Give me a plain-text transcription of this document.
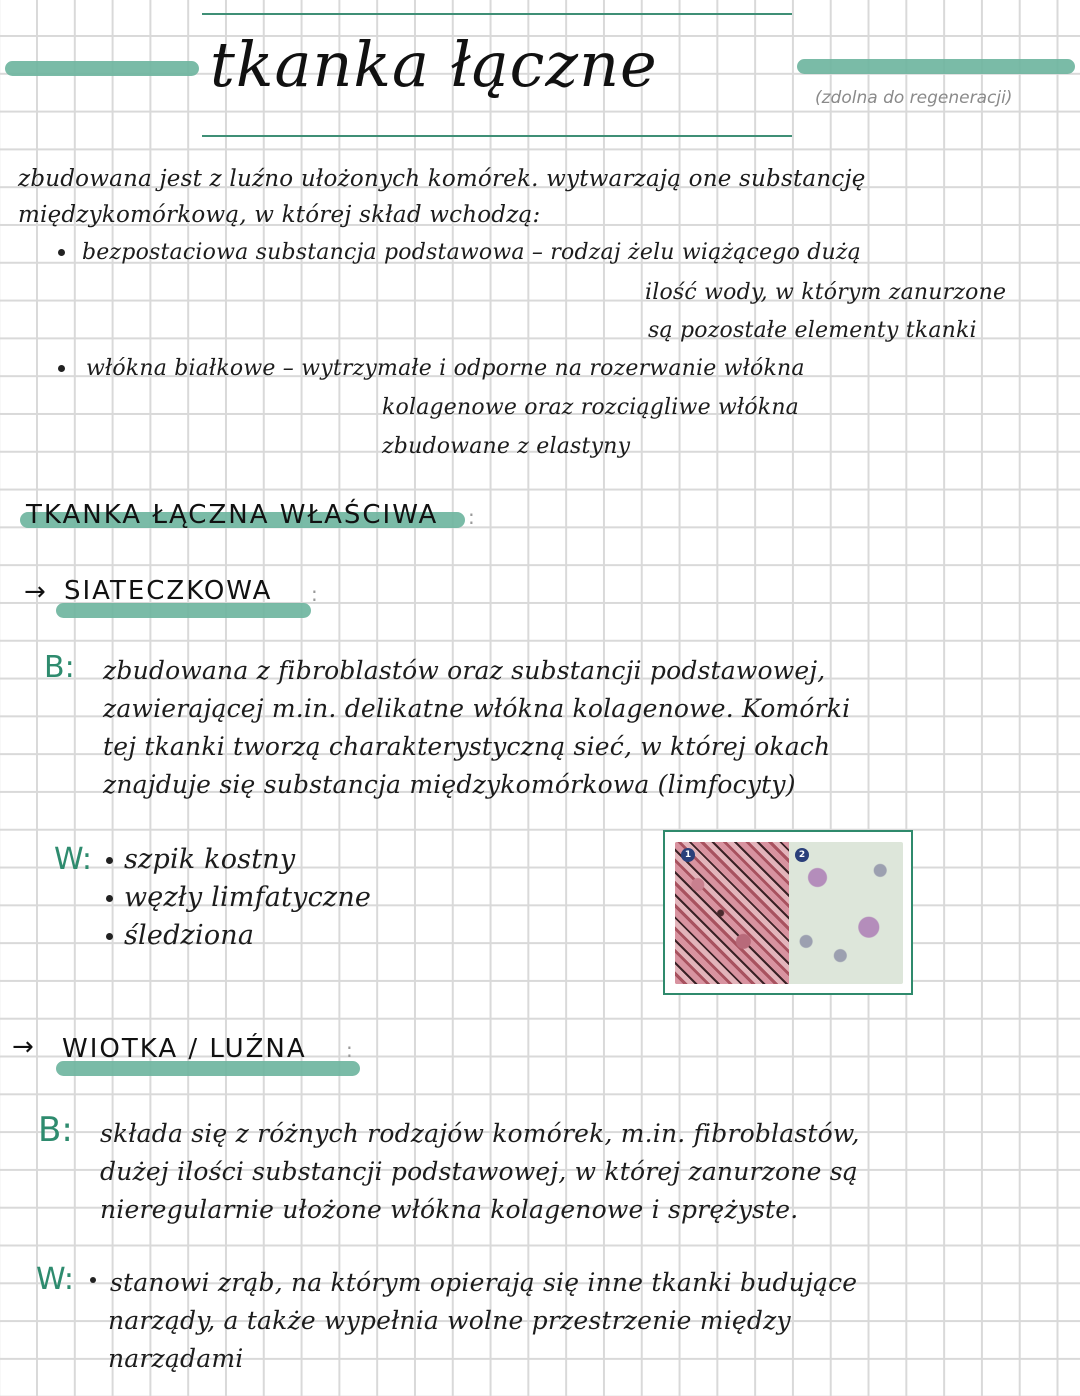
tkanka łączne	(zdolna do regeneracji)
zbudowana jest z luźno ułożonych komórek. wytwarzają one substancję
międzykomórkową, w której skład wchodzą:
bezpostaciowa substancja podstawowa – rodzaj żelu wiążącego dużą
ilość wody, w którym zanurzone
są pozostałe elementy tkanki
włókna białkowe – wytrzymałe i odporne na rozerwanie włókna
kolagenowe oraz rozciągliwe włókna
zbudowane z elastyny
TKANKA ŁĄCZNA WŁAŚCIWA :
→ SIATECZKOWA :
B: zbudowana z fibroblastów oraz substancji podstawowej,
zawierającej m.in. delikatne włókna kolagenowe. Komórki
tej tkanki tworzą charakterystyczną sieć, w której okach
znajduje się substancja międzykomórkowa (limfocyty)
W: szpik kostny
węzły limfatyczne
śledziona
1	2
→ WIOTKA / LUŹNA :
B: składa się z różnych rodzajów komórek, m.in. fibroblastów,
dużej ilości substancji podstawowej, w której zanurzone są
nieregularnie ułożone włókna kolagenowe i sprężyste.
W: stanowi zrąb, na którym opierają się inne tkanki budujące
narządy, a także wypełnia wolne przestrzenie między
narządami
